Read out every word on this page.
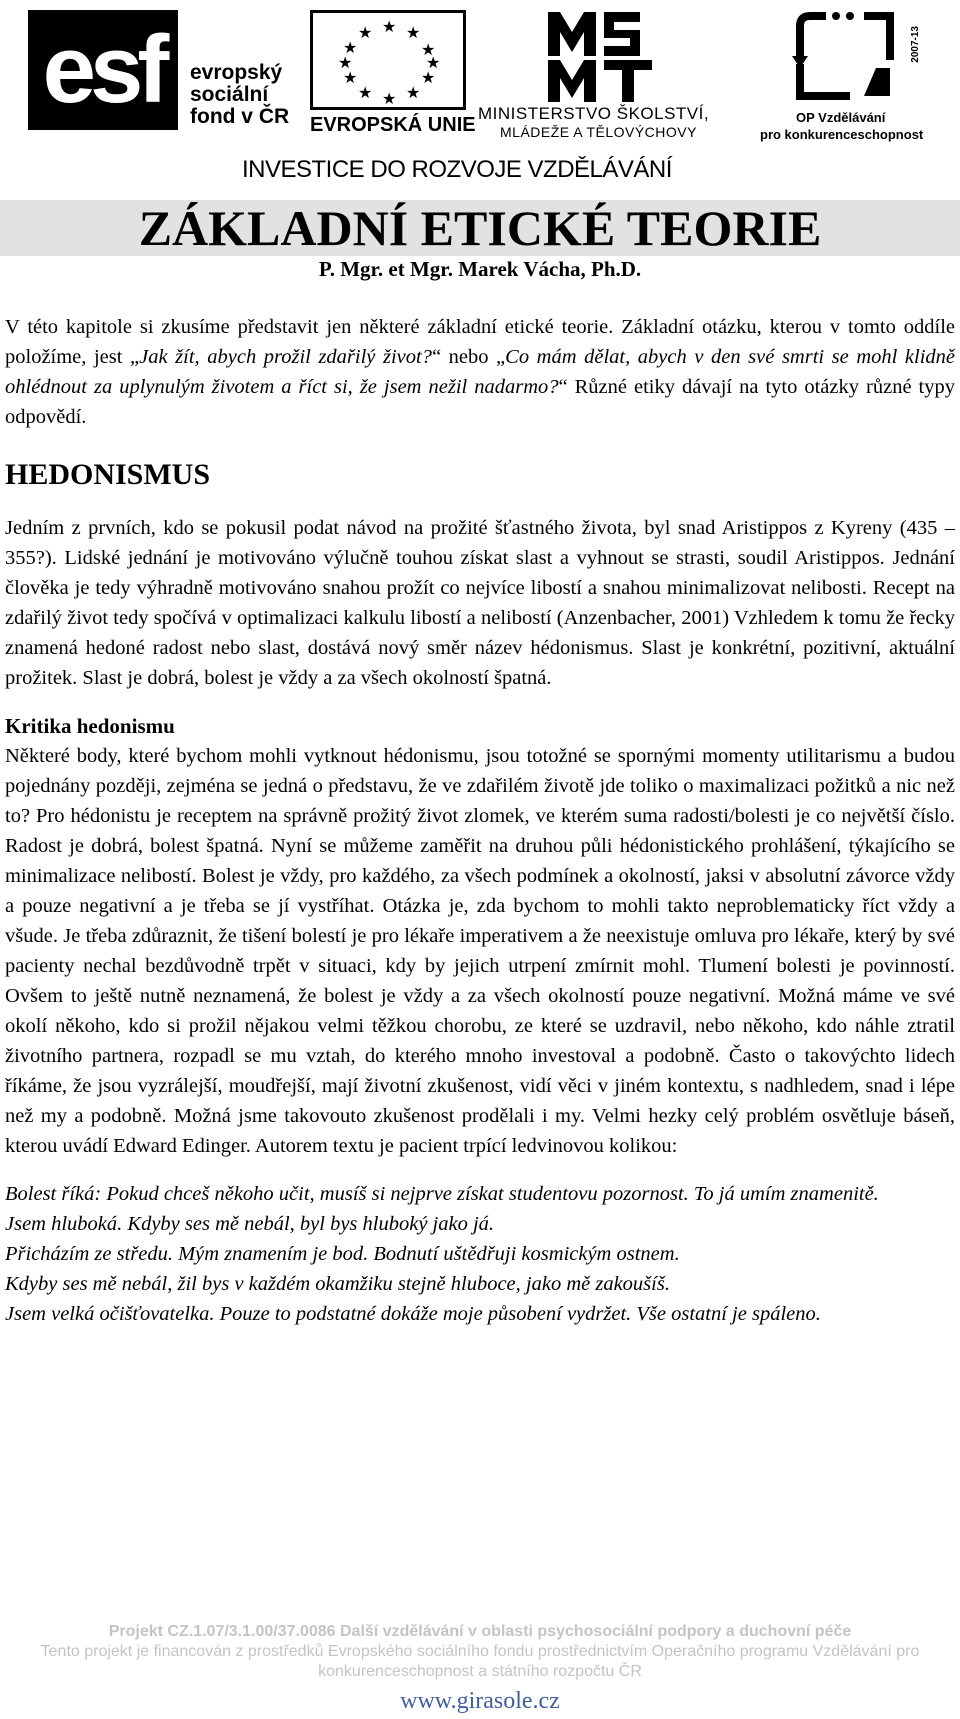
esf	evropský
sociální
fond v ČR
★ ★
★
★
★
★
★
★
★
★
★
★
EVROPSKÁ UNIE
MINISTERSTVO ŠKOLSTVÍ,
MLÁDEŽE A TĚLOVÝCHOVY
2007-13
OP Vzdělávání
pro konkurenceschopnost
INVESTICE DO ROZVOJE VZDĚLÁVÁNÍ
ZÁKLADNÍ ETICKÉ TEORIE
P. Mgr. et Mgr. Marek Vácha, Ph.D.

V této kapitole si zkusíme představit jen některé základní etické teorie. Základní otázku, kterou v tomto oddíle položíme, jest „Jak žít, abych prožil zdařilý život?“ nebo „Co mám dělat, abych v den své smrti se mohl klidně ohlédnout za uplynulým životem a říct si, že jsem nežil nadarmo?“ Různé etiky dávají na tyto otázky různé typy odpovědí.

HEDONISMUS

Jedním z prvních, kdo se pokusil podat návod na prožité šťastného života, byl snad Aristippos z Kyreny (435 – 355?). Lidské jednání je motivováno výlučně touhou získat slast a vyhnout se strasti, soudil Aristippos. Jednání člověka je tedy výhradně motivováno snahou prožít co nejvíce libostí a snahou minimalizovat nelibosti. Recept na zdařilý život tedy spočívá v optimalizaci kalkulu libostí a nelibostí (Anzenbacher, 2001) Vzhledem k tomu že řecky znamená hedoné radost nebo slast, dostává nový směr název hédonismus. Slast je konkrétní, pozitivní, aktuální prožitek. Slast je dobrá, bolest je vždy a za všech okolností špatná.

Kritika hedonismu

Některé body, které bychom mohli vytknout hédonismu, jsou totožné se spornými momenty utilitarismu a budou pojednány později, zejména se jedná o představu, že ve zdařilém životě jde toliko o maximalizaci požitků a nic než to? Pro hédonistu je receptem na správně prožitý život zlomek, ve kterém suma radosti/bolesti je co největší číslo. Radost je dobrá, bolest špatná. Nyní se můžeme zaměřit na druhou půli hédonistického prohlášení, týkajícího se minimalizace nelibostí. Bolest je vždy, pro každého, za všech podmínek a okolností, jaksi v absolutní závorce vždy a pouze negativní a je třeba se jí vystříhat. Otázka je, zda bychom to mohli takto neproblematicky říct vždy a všude. Je třeba zdůraznit, že tišení bolestí je pro lékaře imperativem a že neexistuje omluva pro lékaře, který by své pacienty nechal bezdůvodně trpět v situaci, kdy by jejich utrpení zmírnit mohl. Tlumení bolesti je povinností. Ovšem to ještě nutně neznamená, že bolest je vždy a za všech okolností pouze negativní. Možná máme ve své okolí někoho, kdo si prožil nějakou velmi těžkou chorobu, ze které se uzdravil, nebo někoho, kdo náhle ztratil životního partnera, rozpadl se mu vztah, do kterého mnoho investoval a podobně. Často o takovýchto lidech říkáme, že jsou vyzrálejší, moudřejší, mají životní zkušenost, vidí věci v jiném kontextu, s nadhledem, snad i lépe než my a podobně. Možná jsme takovouto zkušenost prodělali i my. Velmi hezky celý problém osvětluje báseň, kterou uvádí Edward Edinger. Autorem textu je pacient trpící ledvinovou kolikou:

Bolest říká: Pokud chceš někoho učit, musíš si nejprve získat studentovu pozornost. To já umím znamenitě.

Jsem hluboká. Kdyby ses mě nebál, byl bys hluboký jako já.

Přicházím ze středu. Mým znamením je bod. Bodnutí uštědřuji kosmickým ostnem.

Kdyby ses mě nebál, žil bys v každém okamžiku stejně hluboce, jako mě zakoušíš.

Jsem velká očišťovatelka. Pouze to podstatné dokáže moje působení vydržet. Vše ostatní je spáleno.

Projekt CZ.1.07/3.1.00/37.0086 Další vzdělávání v oblasti psychosociální podpory a duchovní péče
Tento projekt je financován z prostředků Evropského sociálního fondu prostřednictvím Operačního programu Vzdělávání pro konkurenceschopnost a státního rozpočtu ČR
www.girasole.cz
